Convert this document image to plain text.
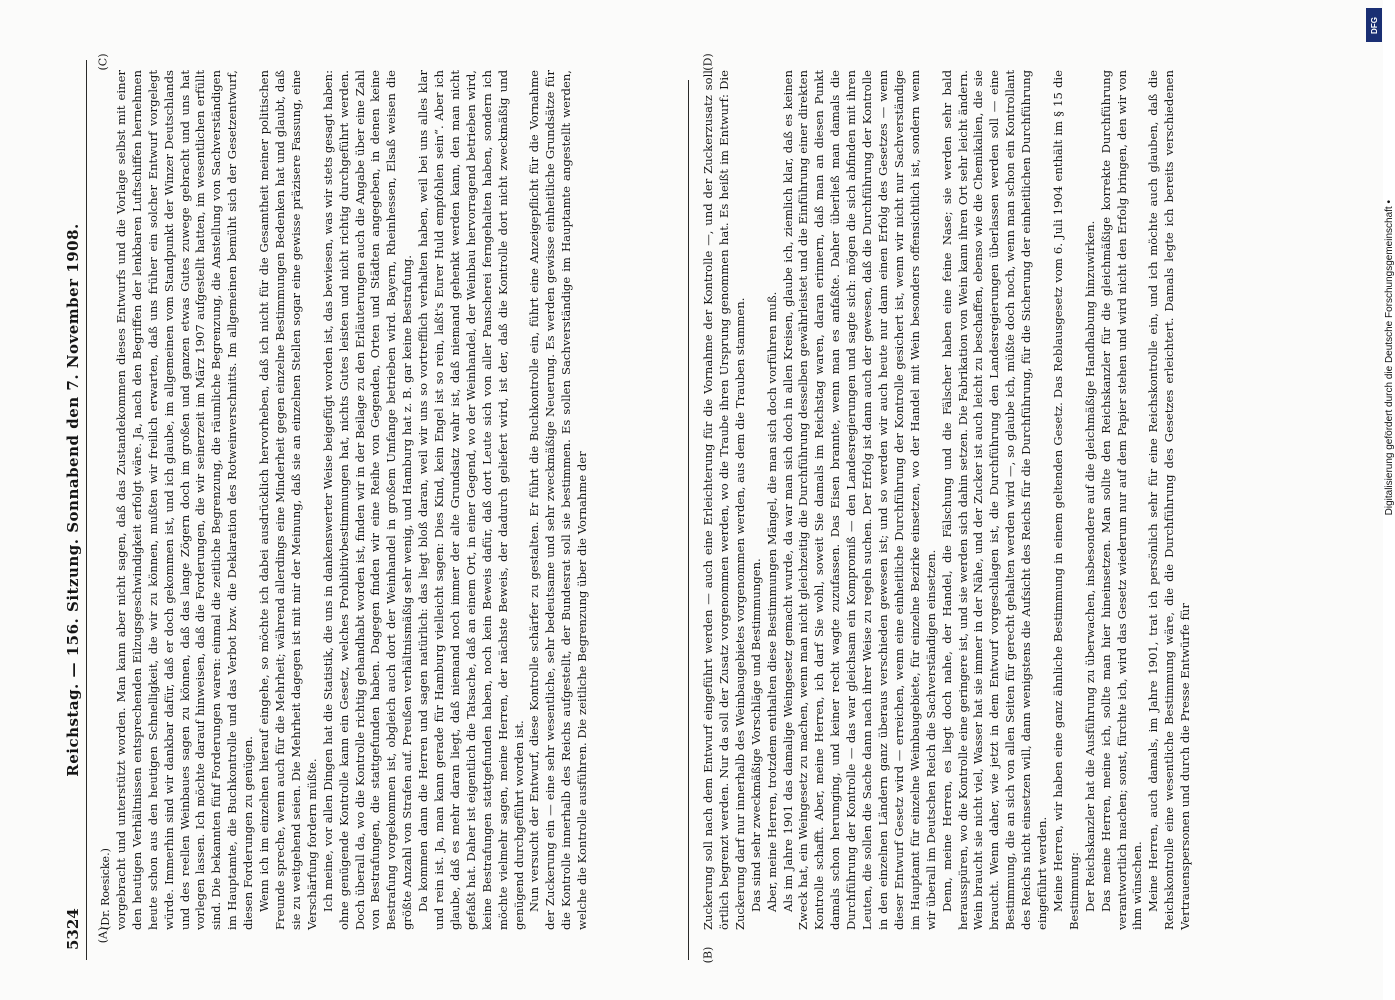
5324
Reichstag. — 156. Sitzung. Sonnabend den 7. November 1908.
(A)
(B)
(C)	(D)
(Dr. Roesicke.) vorgebracht und unterstützt worden. Man kann aber nicht sagen, daß das Zustandekommen dieses Entwurfs und die Vorlage selbst mit einer den heutigen Verhältnissen entsprechenden Eilzugsgeschwindigkeit erfolgt wäre. Ja, nach den Begriffen der lenkbaren Luftschiffen hernehmen heute schon aus den heutigen Schnelligkeit, die wir zu können, mußten wir freilich erwarten, daß uns früher ein solcher Entwurf vorgelegt würde. Immerhin sind wir dankbar dafür, daß er doch gekommen ist, und ich glaube, im allgemeinen vom Standpunkt der Winzer Deutschlands und des reellen Weinbaues sagen zu können, daß das lange Zögern doch im großen und ganzen etwas Gutes zuwege gebracht und uns hat vorlegen lassen. Ich möchte darauf hinweisen, daß die Forderungen, die wir seinerzeit im März 1907 aufgestellt hatten, im wesentlichen erfüllt sind. Die bekannten fünf Forderungen waren: einmal die zeitliche Begrenzung, die räumliche Begrenzung, die Anstellung von Sachverständigen im Hauptamte, die Buchkontrolle und das Verbot bzw. die Deklaration des Rotweinverschnitts. Im allgemeinen bemüht sich der Gesetzentwurf, diesen Forderungen zu genügen. Wenn ich im einzelnen hierauf eingehe, so möchte ich dabei ausdrücklich hervorheben, daß ich nicht für die Gesamtheit meiner politischen Freunde spreche, wenn auch für die Mehrheit; während allerdings eine Minderheit gegen einzelne Bestimmungen Bedenken hat und glaubt, daß sie zu weitgehend seien. Die Mehrheit dagegen ist mit mir der Meinung, daß sie an einzelnen Stellen sogar eine gewisse präzisere Fassung, eine Verschärfung fordern müßte. Ich meine, vor allen Dingen hat die Statistik, die uns in dankenswerter Weise beigefügt worden ist, das bewiesen, was wir stets gesagt haben: ohne genügende Kontrolle kann ein Gesetz, welches Prohibitivbestimmungen hat, nichts Gutes leisten und nicht richtig durchgeführt werden. Doch überall da, wo die Kontrolle richtig gehandhabt worden ist, finden wir in der Beilage zu den Erläuterungen auch die Angabe über eine Zahl von Bestrafungen, die stattgefunden haben. Dagegen finden wir eine Reihe von Gegenden, Orten und Städten angegeben, in denen keine Bestrafung vorgekommen ist, obgleich auch dort der Weinhandel in großem Umfange betrieben wird. Bayern, Rheinhessen, Elsaß weisen die größte Anzahl von Strafen auf. Preußen verhältnismäßig sehr wenig, und Hamburg hat z. B. gar keine Bestrafung. Da kommen dann die Herren und sagen natürlich: das liegt bloß daran, weil wir uns so vortrefflich verhalten haben, weil bei uns alles klar und rein ist. Ja, man kann gerade für Hamburg vielleicht sagen: Dies Kind, kein Engel ist so rein, laßt's Eurer Huld empfohlen sein“. Aber ich glaube, daß es mehr daran liegt, daß niemand noch immer der alte Grundsatz wahr ist, daß niemand gehenkt werden kann, den man nicht gefaßt hat. Daher ist eigentlich die Tatsache, daß an einem Ort, in einer Gegend, wo der Weinhandel, der Weinbau hervorragend betrieben wird, keine Bestrafungen stattgefunden haben, noch kein Beweis dafür, daß dort Leute sich von aller Panscherei ferngehalten haben, sondern ich möchte vielmehr sagen, meine Herren, der nächste Beweis, der dadurch geliefert wird, ist der, daß die Kontrolle dort nicht zweckmäßig und genügend durchgeführt worden ist. Nun versucht der Entwurf, diese Kontrolle schärfer zu gestalten. Er führt die Buchkontrolle ein, führt eine Anzeigepflicht für die Vornahme der Zuckerung ein — eine sehr wesentliche, sehr bedeutsame und sehr zweckmäßige Neuerung. Es werden gewisse einheitliche Grundsätze für die Kontrolle innerhalb des Reichs aufgestellt, der Bundesrat soll sie bestimmen. Es sollen Sachverständige im Hauptamte angestellt werden, welche die Kontrolle ausführen. Die zeitliche Begrenzung über die Vornahme der	Zuckerung soll nach dem Entwurf eingeführt werden — auch eine Erleichterung für die Vornahme der Kontrolle —, und der Zuckerzusatz soll örtlich begrenzt werden. Nur da soll der Zusatz vorgenommen werden, wo die Traube ihren Ursprung genommen hat. Es heißt im Entwurf: Die Zuckerung darf nur innerhalb des Weinbaugebietes vorgenommen werden, aus dem die Trauben stammen. Das sind sehr zweckmäßige Vorschläge und Bestimmungen. Aber, meine Herren, trotzdem enthalten diese Bestimmungen Mängel, die man sich doch vorführen muß. Als im Jahre 1901 das damalige Weingesetz gemacht wurde, da war man sich doch in allen Kreisen, glaube ich, ziemlich klar, daß es keinen Zweck hat, ein Weingesetz zu machen, wenn man nicht gleichzeitig die Durchführung desselben gewährleistet und die Einführung einer direkten Kontrolle schafft. Aber, meine Herren, ich darf Sie wohl, soweit Sie damals im Reichstag waren, daran erinnern, daß man an diesen Punkt damals schon herumging, und keiner recht wagte zuzufassen. Das Eisen brannte, wenn man es anfaßte. Daher überließ man damals die Durchführung der Kontrolle — das war gleichsam ein Kompromiß — den Landesregierungen und sagte sich: mögen die sich abfinden mit ihren Leuten, die sollen die Sache dann nach ihrer Weise zu regeln suchen. Der Erfolg ist dann auch der gewesen, daß die Durchführung der Kontrolle in den einzelnen Ländern ganz überaus verschieden gewesen ist; und so werden wir auch heute nur dann einen Erfolg des Gesetzes — wenn dieser Entwurf Gesetz wird — erreichen, wenn eine einheitliche Durchführung der Kontrolle gesichert ist, wenn wir nicht nur Sachverständige im Hauptamt für einzelne Weinbaugebiete, für einzelne Bezirke einsetzen, wo der Handel mit Wein besonders offensichtlich ist, sondern wenn wir überall im Deutschen Reich die Sachverständigen einsetzen. Denn, meine Herren, es liegt doch nahe, der Handel, die Fälschung und die Fälscher haben eine feine Nase; sie werden sehr bald herausspüren, wo die Kontrolle eine geringere ist, und sie werden sich dahin setzen. Die Fabrikation von Wein kann ihren Ort sehr leicht ändern. Wein braucht sie nicht viel, Wasser hat sie immer in der Nähe, und der Zucker ist auch leicht zu beschaffen, ebenso wie die Chemikalien, die sie braucht. Wenn daher, wie jetzt in dem Entwurf vorgeschlagen ist, die Durchführung den Landesregierungen überlassen werden soll — eine Bestimmung, die an sich von allen Seiten für gerecht gehalten werden wird —, so glaube ich, müßte doch noch, wenn man schon ein Kontrollant des Reichs nicht einsetzen will, dann wenigstens die Aufsicht des Reichs für die Durchführung, für die Sicherung der einheitlichen Durchführung eingeführt werden. Meine Herren, wir haben eine ganz ähnliche Bestimmung in einem geltenden Gesetz. Das Reblausgesetz vom 6. Juli 1904 enthält im § 15 die Bestimmung: Der Reichskanzler hat die Ausführung zu überwachen, insbesondere auf die gleichmäßige Handhabung hinzuwirken. Das meine Herren, meine ich, sollte man hier hineinsetzen. Man sollte den Reichskanzler für die gleichmäßige korrekte Durchführung verantwortlich machen; sonst, fürchte ich, wird das Gesetz wiederum nur auf dem Papier stehen und wird nicht den Erfolg bringen, den wir von ihm wünschen. Meine Herren, auch damals, im Jahre 1901, trat ich persönlich sehr für eine Reichskontrolle ein, und ich möchte auch glauben, daß die Reichskontrolle eine wesentliche Bestimmung wäre, die die Durchführung des Gesetzes erleichtert. Damals legte ich bereits verschiedenen Vertrauenspersonen und durch die Presse Entwürfe für

DFG
Digitalisierung gefördert durch die Deutsche Forschungsgemeinschaft •
